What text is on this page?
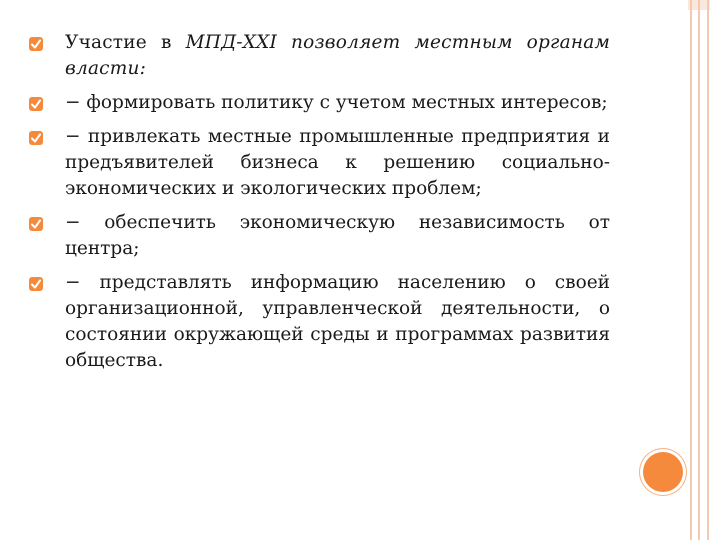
Участие в МПД-XXI позволяет местным органам власти:

− формировать политику с учетом местных интересов;

− привлекать местные промышленные предприятия и предъявителей бизнеса к решению социально-экономических и экологических проблем;

− обеспечить экономическую независимость от центра;

− представлять информацию населению о своей организационной, управленческой деятельности, о состоянии окружающей среды и программах развития общества.
